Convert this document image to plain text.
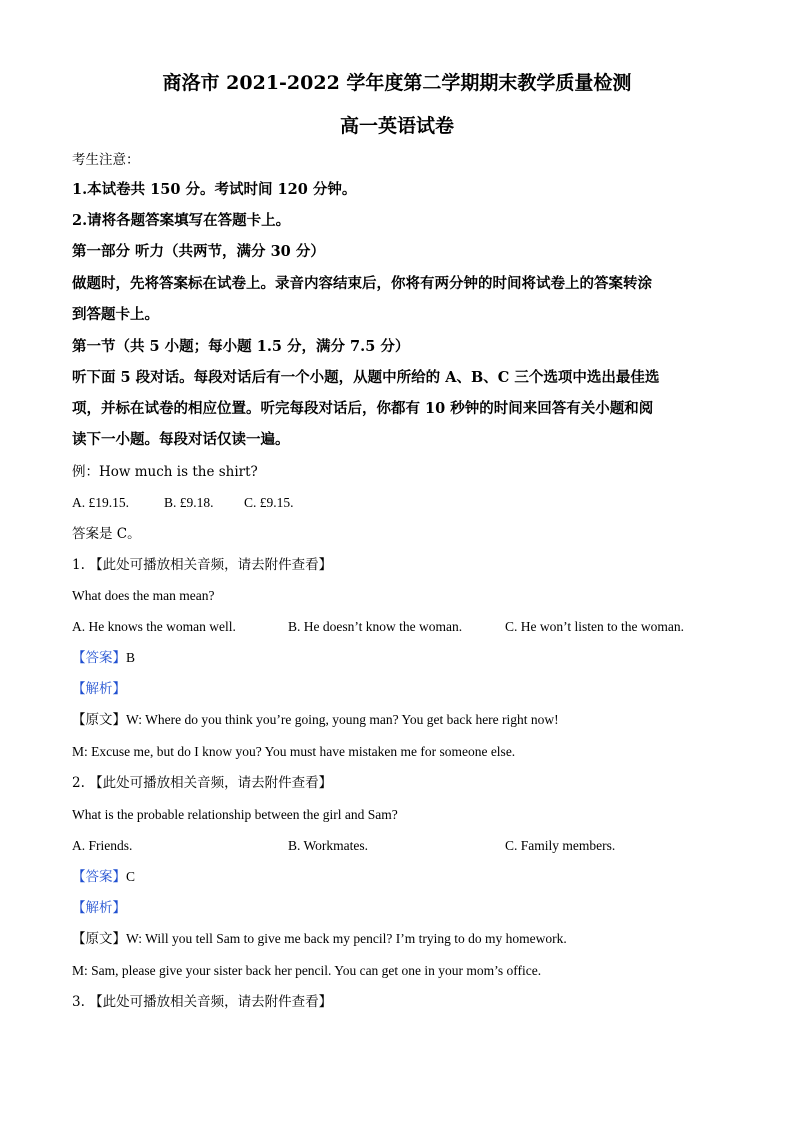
商洛市 2021-2022 学年度第二学期期末教学质量检测
高一英语试卷
考生注意：
1.本试卷共 150 分。考试时间 120 分钟。
2.请将各题答案填写在答题卡上。
第一部分 听力（共两节，满分 30 分）
做题时，先将答案标在试卷上。录音内容结束后，你将有两分钟的时间将试卷上的答案转涂
到答题卡上。
第一节（共 5 小题；每小题 1.5 分，满分 7.5 分）
听下面 5 段对话。每段对话后有一个小题，从题中所给的 A、B、C 三个选项中选出最佳选
项，并标在试卷的相应位置。听完每段对话后，你都有 10 秒钟的时间来回答有关小题和阅
读下一小题。每段对话仅读一遍。
例：How much is the shirt?
A. £19.15.	B. £9.18. C. £9.15.
答案是 C。
1. 【此处可播放相关音频，请去附件查看】
What does the man mean?
A. He knows the woman well.	B. He doesn’t know the woman.	C. He won’t listen to the woman.
【答案】B
【解析】
【原文】W: Where do you think you’re going, young man? You get back here right now!
M: Excuse me, but do I know you? You must have mistaken me for someone else.
2. 【此处可播放相关音频，请去附件查看】
What is the probable relationship between the girl and Sam?
A. Friends.	B. Workmates.	C. Family members.
【答案】C
【解析】
【原文】W: Will you tell Sam to give me back my pencil? I’m trying to do my homework.
M: Sam, please give your sister back her pencil. You can get one in your mom’s office.
3. 【此处可播放相关音频，请去附件查看】
